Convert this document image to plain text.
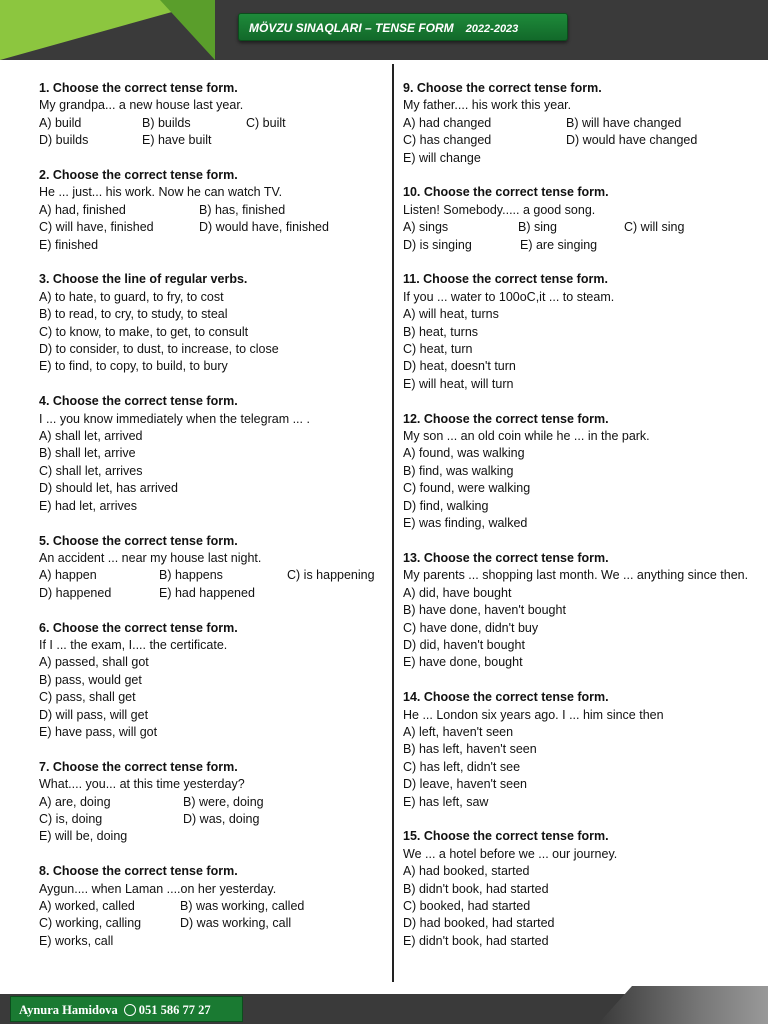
MÖVZU SINAQLARI – TENSE FORM 2022-2023
1. Choose the correct tense form.
My grandpa... a new house last year.
A) build	B) builds	C) built
D) builds	E) have built
2. Choose the correct tense form.
He ... just... his work. Now he can watch TV.
A) had, finished	B) has, finished
C) will have, finished	D) would have, finished
E) finished
3. Choose the line of regular verbs.
A) to hate, to guard, to fry, to cost
B) to read, to cry, to study, to steal
C) to know, to make, to get, to consult
D) to consider, to dust, to increase, to close
E) to find, to copy, to build, to bury
4. Choose the correct tense form.
I ... you know immediately when the telegram ... .
A) shall let, arrived
B) shall let, arrive
C) shall let, arrives
D) should let, has arrived
E) had let, arrives
5. Choose the correct tense form.
An accident ... near my house last night.
A) happen	B) happens	C) is happening
D) happened	E) had happened
6. Choose the correct tense form.
If I ... the exam, I.... the certificate.
A) passed, shall got
B) pass, would get
C) pass, shall get
D) will pass, will get
E) have pass, will got
7. Choose the correct tense form.
What.... you... at this time yesterday?
A) are, doing	B) were, doing
C) is, doing	D) was, doing
E) will be, doing
8. Choose the correct tense form.
Aygun.... when Laman ....on her yesterday.
A) worked, called	B) was working, called
C) working, calling	D) was working, call
E) works, call
9. Choose the correct tense form.
My father.... his work this year.
A) had changed	B) will have changed
C) has changed	D) would have changed
E) will change
10. Choose the correct tense form.
Listen! Somebody..... a good song.
A) sings	B) sing	C) will sing
D) is singing	E) are singing
11. Choose the correct tense form.
If you ... water to 100oC,it ... to steam.
A) will heat, turns
B) heat, turns
C) heat, turn
D) heat, doesn't turn
E) will heat, will turn
12. Choose the correct tense form.
My son ... an old coin while he ... in the park.
A) found, was walking
B) find, was walking
C) found, were walking
D) find, walking
E) was finding, walked
13. Choose the correct tense form.
My parents ... shopping last month. We ... anything since then.
A) did, have bought
B) have done, haven't bought
C) have done, didn't buy
D) did, haven't bought
E) have done, bought
14. Choose the correct tense form.
He ... London six years ago. I ... him since then
A) left, haven't seen
B) has left, haven't seen
C) has left, didn't see
D) leave, haven't seen
E) has left, saw
15. Choose the correct tense form.
We ... a hotel before we ... our journey.
A) had booked, started
B) didn't book, had started
C) booked, had started
D) had booked, had started
E) didn't book, had started
Aynura Hamidova 051 586 77 27
